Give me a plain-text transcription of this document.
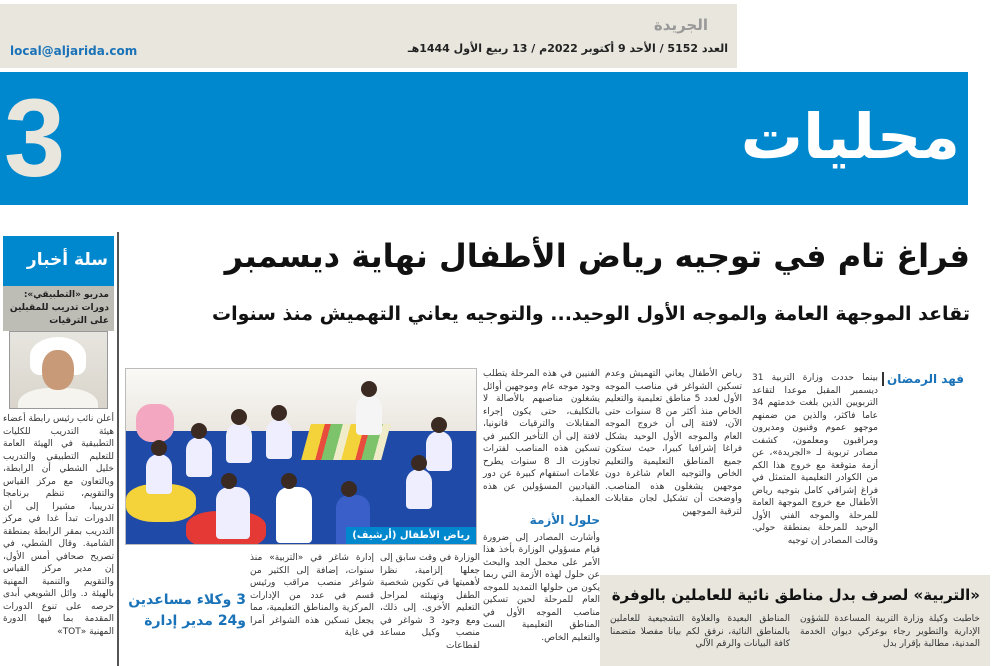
الجريدة
العدد 5152 / الأحد 9 أكتوبر 2022م / 13 ربيع الأول 1444هـ
local@aljarida.com
3	محليات
سلة أخبار
مدربو «التطبيقي»: دورات تدريب للمقبلين على الترقيات
أعلن نائب رئيس رابطة أعضاء هيئة التدريب للكليات التطبيقية في الهيئة العامة للتعليم التطبيقي والتدريب خليل الشطي أن الرابطة، وبالتعاون مع مركز القياس والتقويم، تنظم برنامجا تدريبيا، مشيرا إلى أن الدورات تبدأ غدا في مركز التدريب بمقر الرابطة بمنطقة الشامية. وقال الشطي، في تصريح صحافي أمس الأول، إن مدير مركز القياس والتقويم والتنمية المهنية بالهيئة د. وائل الشويعي أبدى حرصه على تنوع الدورات المقدمة بما فيها الدورة المهنية «TOT»
فراغ تام في توجيه رياض الأطفال نهاية ديسمبر
تقاعد الموجهة العامة والموجه الأول الوحيد... والتوجيه يعاني التهميش منذ سنوات
فهد الرمضان
بينما حددت وزارة التربية 31 ديسمبر المقبل موعدا لتقاعد التربويين الذين بلغت خدمتهم 34 عاما فاكثر، والذين من ضمنهم موجهو عموم وفنيون ومديرون ومراقبون ومعلمون، كشفت مصادر تربوية لـ «الجريدة»، عن أزمة متوقعة مع خروج هذا الكم من الكوادر التعليمية المتمثل في فراغ إشرافي كامل بتوجيه رياض الأطفال مع خروج الموجهة العامة للمرحلة والموجه الفني الأول الوحيد للمرحلة بمنطقة حولي. وقالت المصادر إن توجيه
رياض الأطفال يعاني التهميش وعدم تسكين الشواغر في مناصب الموجه الأول لعدد 5 مناطق تعليمية والتعليم الخاص منذ أكثر من 8 سنوات حتى الآن، لافتة إلى أن خروج الموجه العام والموجه الأول الوحيد يشكل فراغا إشرافيا كبيرا، حيث ستكون جميع المناطق التعليمية والتعليم الخاص والتوجيه العام شاغرة دون موجهين يشغلون هذه المناصب. وأوضحت أن تشكيل لجان مقابلات لترقية الموجهين
الفنيين في هذه المرحلة يتطلب وجود موجه عام وموجهين أوائل يشغلون مناصبهم بالأصالة لا بالتكليف، حتى يكون إجراء المقابلات والترقيات قانونيا، لافتة إلى أن التأخير الكبير في تسكين هذه المناصب لفترات تجاوزت الـ 8 سنوات يطرح علامات استفهام كبيرة عن دور القياديين المسؤولين عن هذه العملية.
حلول الأزمة
وأشارت المصادر إلى ضرورة قيام مسؤولي الوزارة بأخذ هذا الأمر على محمل الجد والبحث عن حلول لهذه الأزمة التي ربما يكون من حلولها التمديد للموجه العام للمرحلة لحين تسكين مناصب الموجه الأول في المناطق التعليمية الست والتعليم الخاص.
رياض الأطفال (أرشيف)
الوزارة في وقت سابق إلى جعلها إلزامية، نظرا لأهميتها في تكوين شخصية الطفل وتهيئته لمراحل التعليم الأخرى. إلى ذلك، ومع وجود 3 شواغر في منصب وكيل مساعد لقطاعات
إدارة شاغر في «التربية» منذ سنوات، إضافة إلى الكثير من شواغر منصب مراقب ورئيس قسم في عدد من الإدارات المركزية والمناطق التعليمية، مما يجعل تسكين هذه الشواغر أمرا في غاية
3 وكلاء مساعدين و24 مدير إدارة
«التربية» لصرف بدل مناطق نائية للعاملين بالوفرة
خاطبت وكيلة وزارة التربية المساعدة للشؤون الإدارية والتطوير رجاء بوعركي ديوان الخدمة المدنية، مطالبة بإقرار بدل
المناطق البعيدة والعلاوة التشجيعية للعاملين بالمناطق النائية، نرفق لكم بيانا مفصلا متضمنا كافة البيانات والرقم الآلي
